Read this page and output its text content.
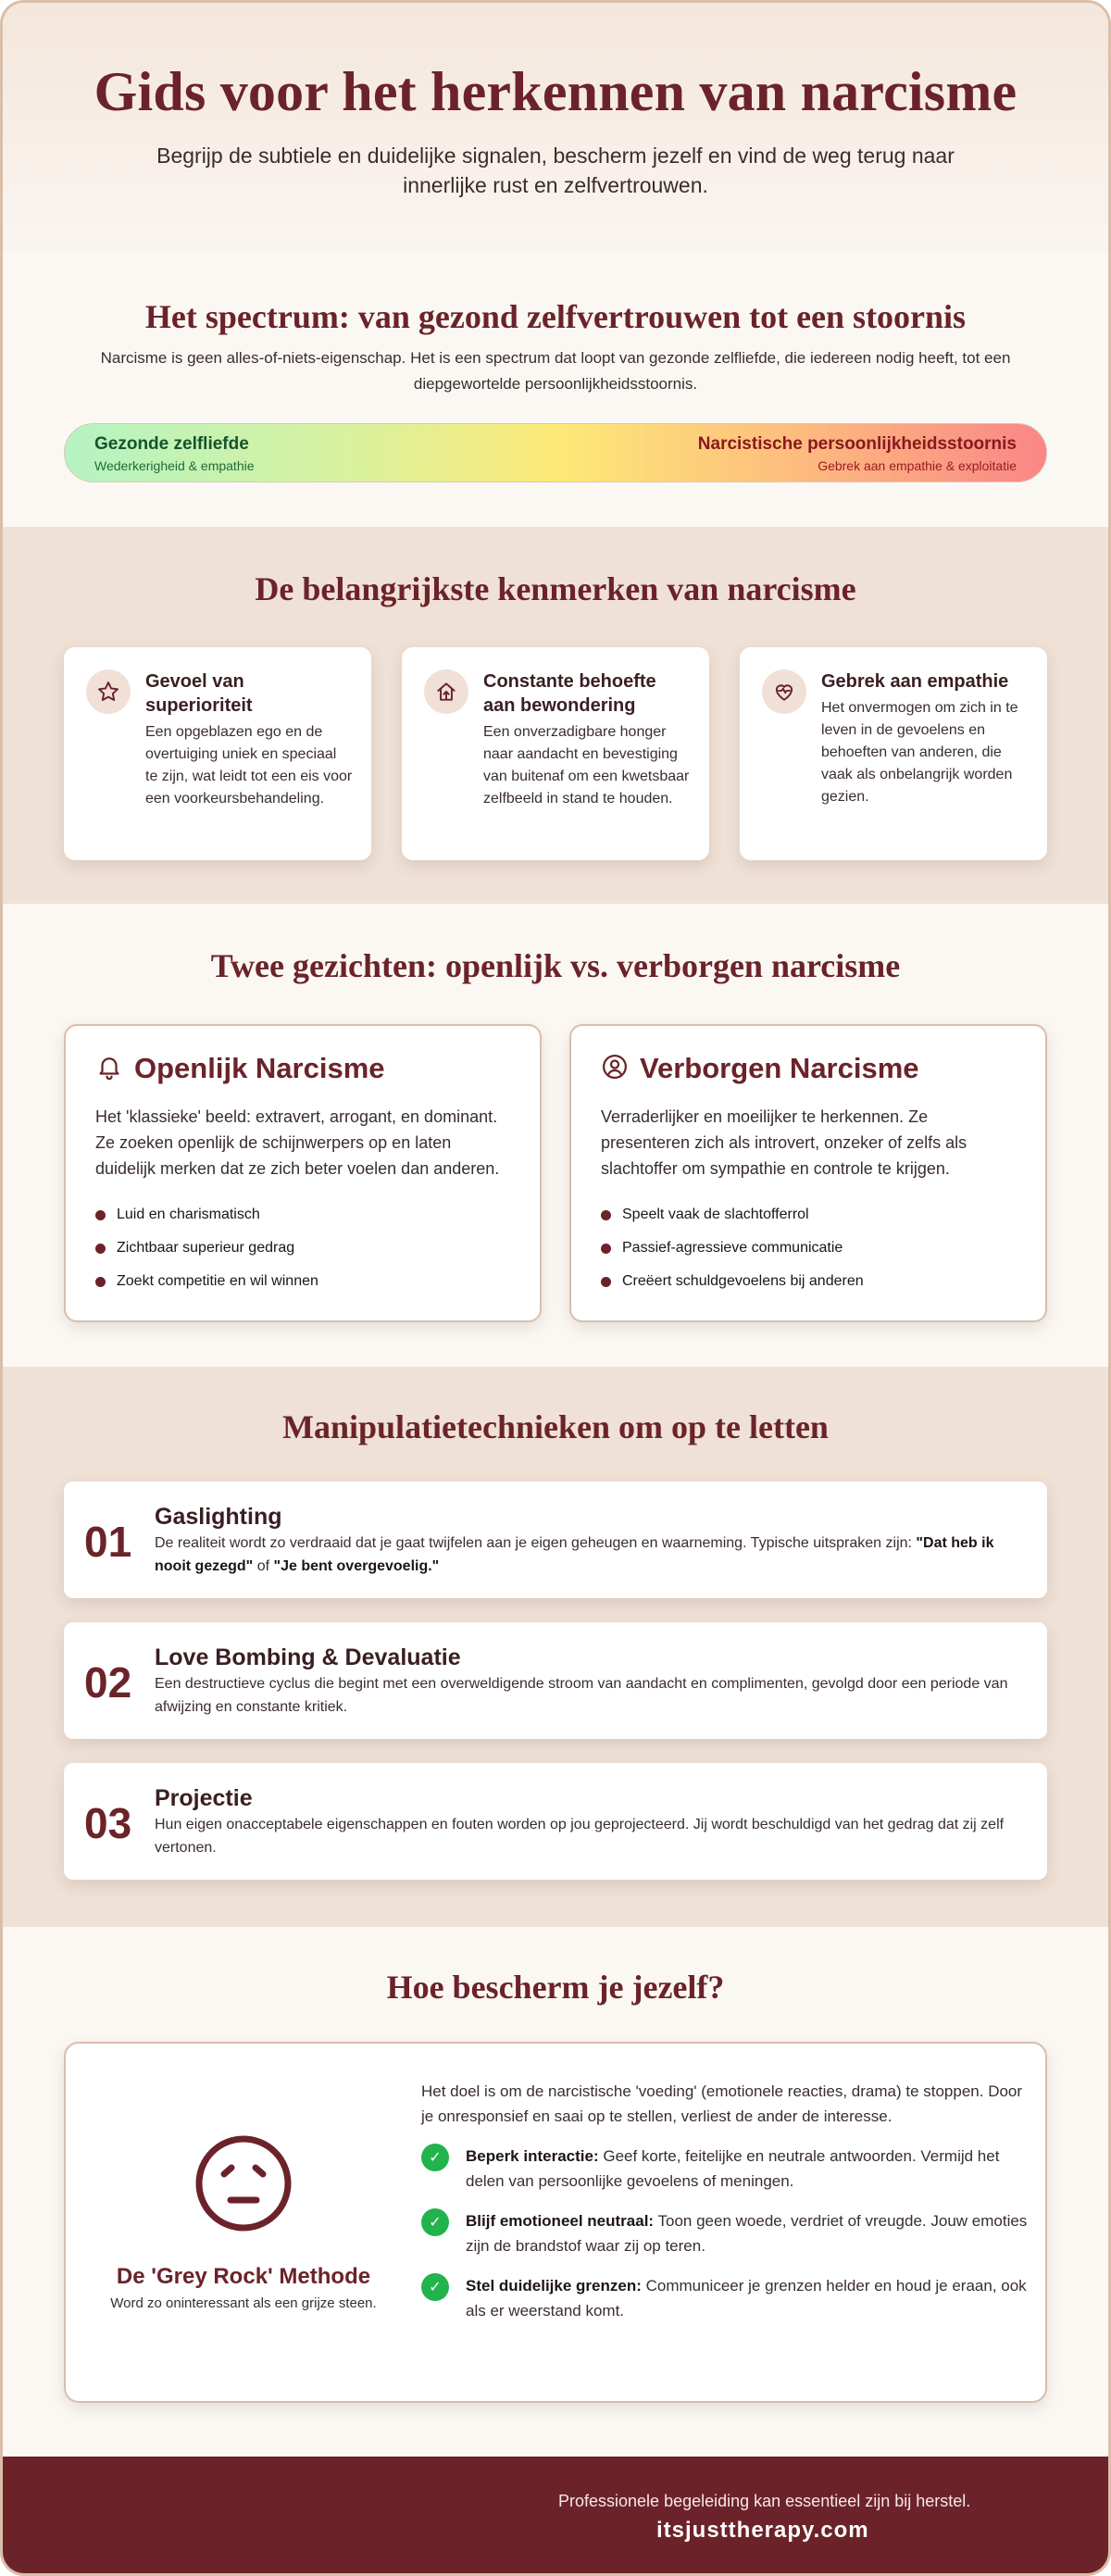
Gids voor het herkennen van narcisme

Begrijp de subtiele en duidelijke signalen, bescherm jezelf en vind de weg terug naar innerlijke rust en zelfvertrouwen.

Het spectrum: van gezond zelfvertrouwen tot een stoornis

Narcisme is geen alles-of-niets-eigenschap. Het is een spectrum dat loopt van gezonde zelfliefde, die iedereen nodig heeft, tot een diepgewortelde persoonlijkheidsstoornis.

Gezonde zelfliefde
Wederkerigheid & empathie
Narcistische persoonlijkheidsstoornis
Gebrek aan empathie & exploitatie
De belangrijkste kenmerken van narcisme
Gevoel van superioriteit

Een opgeblazen ego en de overtuiging uniek en speciaal te zijn, wat leidt tot een eis voor een voorkeursbehandeling.

Constante behoefte aan bewondering

Een onverzadigbare honger naar aandacht en bevestiging van buitenaf om een kwetsbaar zelfbeeld in stand te houden.

Gebrek aan empathie

Het onvermogen om zich in te leven in de gevoelens en behoeften van anderen, die vaak als onbelangrijk worden gezien.

Twee gezichten: openlijk vs. verborgen narcisme
Openlijk Narcisme

Het 'klassieke' beeld: extravert, arrogant, en dominant. Ze zoeken openlijk de schijnwerpers op en laten duidelijk merken dat ze zich beter voelen dan anderen.

Luid en charismatisch
Zichtbaar superieur gedrag
Zoekt competitie en wil winnen
Verborgen Narcisme

Verraderlijker en moeilijker te herkennen. Ze presenteren zich als introvert, onzeker of zelfs als slachtoffer om sympathie en controle te krijgen.

Speelt vaak de slachtofferrol
Passief-agressieve communicatie
Creëert schuldgevoelens bij anderen
Manipulatietechnieken om op te letten
01
Gaslighting

De realiteit wordt zo verdraaid dat je gaat twijfelen aan je eigen geheugen en waarneming. Typische uitspraken zijn: "Dat heb ik nooit gezegd" of "Je bent overgevoelig."

02
Love Bombing & Devaluatie

Een destructieve cyclus die begint met een overweldigende stroom van aandacht en complimenten, gevolgd door een periode van afwijzing en constante kritiek.

03
Projectie

Hun eigen onacceptabele eigenschappen en fouten worden op jou geprojecteerd. Jij wordt beschuldigd van het gedrag dat zij zelf vertonen.

Hoe bescherm je jezelf?
De 'Grey Rock' Methode

Word zo oninteressant als een grijze steen.

Het doel is om de narcistische 'voeding' (emotionele reacties, drama) te stoppen. Door je onresponsief en saai op te stellen, verliest de ander de interesse.

✓	Beperk interactie: Geef korte, feitelijke en neutrale antwoorden. Vermijd het delen van persoonlijke gevoelens of meningen.

✓	Blijf emotioneel neutraal: Toon geen woede, verdriet of vreugde. Jouw emoties zijn de brandstof waar zij op teren.

✓	Stel duidelijke grenzen: Communiceer je grenzen helder en houd je eraan, ook als er weerstand komt.

Professionele begeleiding kan essentieel zijn bij herstel.
itsjusttherapy.com
